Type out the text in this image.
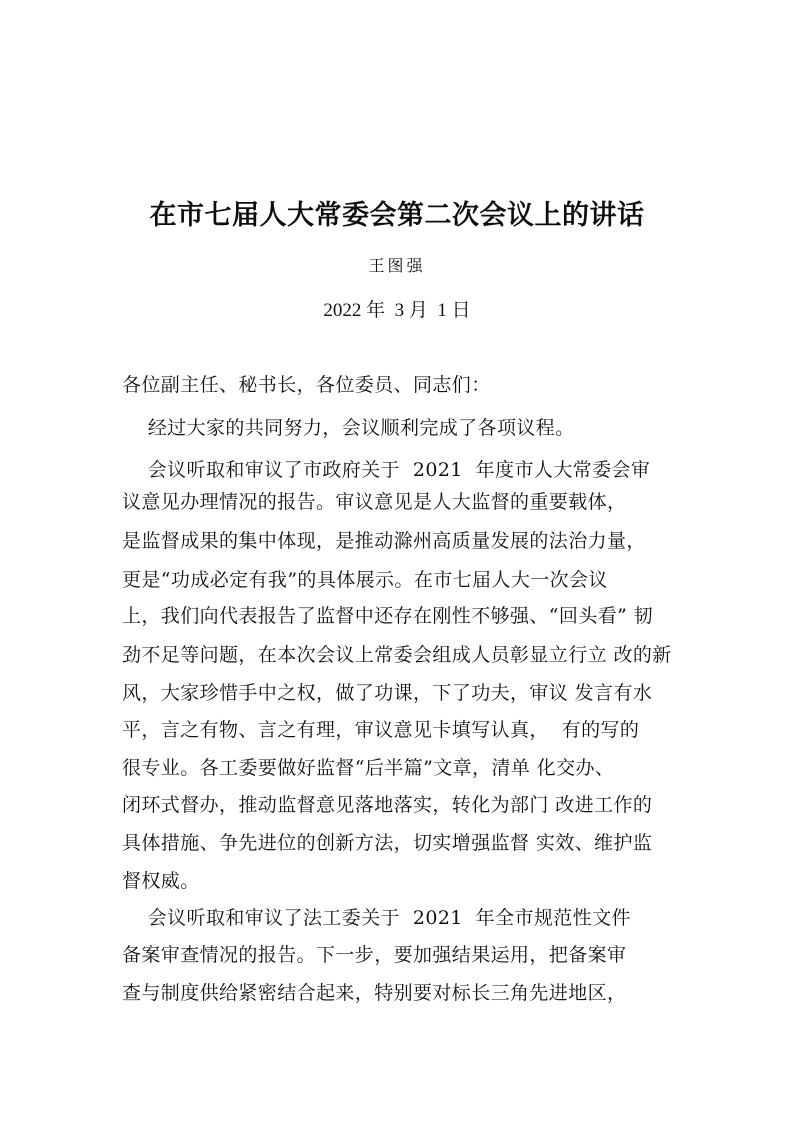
在市七届人大常委会第二次会议上的讲话
王图强
2022 年  3 月  1 日
各位副主任、秘书长，各位委员、同志们：
经过大家的共同努力，会议顺利完成了各项议程。
会议听取和审议了市政府关于  2021  年度市人大常委会审
议意见办理情况的报告。审议意见是人大监督的重要载体，
是监督成果的集中体现，是推动滁州高质量发展的法治力量，
更是“功成必定有我”的具体展示。在市七届人大一次会议
上，我们向代表报告了监督中还存在刚性不够强、“回头看” 韧
劲不足等问题，在本次会议上常委会组成人员彰显立行立 改的新
风，大家珍惜手中之权，做了功课，下了功夫，审议 发言有水
平，言之有物、言之有理，审议意见卡填写认真，  有的写的
很专业。各工委要做好监督“后半篇”文章，清单 化交办、
闭环式督办，推动监督意见落地落实，转化为部门 改进工作的
具体措施、争先进位的创新方法，切实增强监督 实效、维护监
督权威。
会议听取和审议了法工委关于  2021  年全市规范性文件
备案审查情况的报告。下一步，要加强结果运用，把备案审
查与制度供给紧密结合起来，特别要对标长三角先进地区，
